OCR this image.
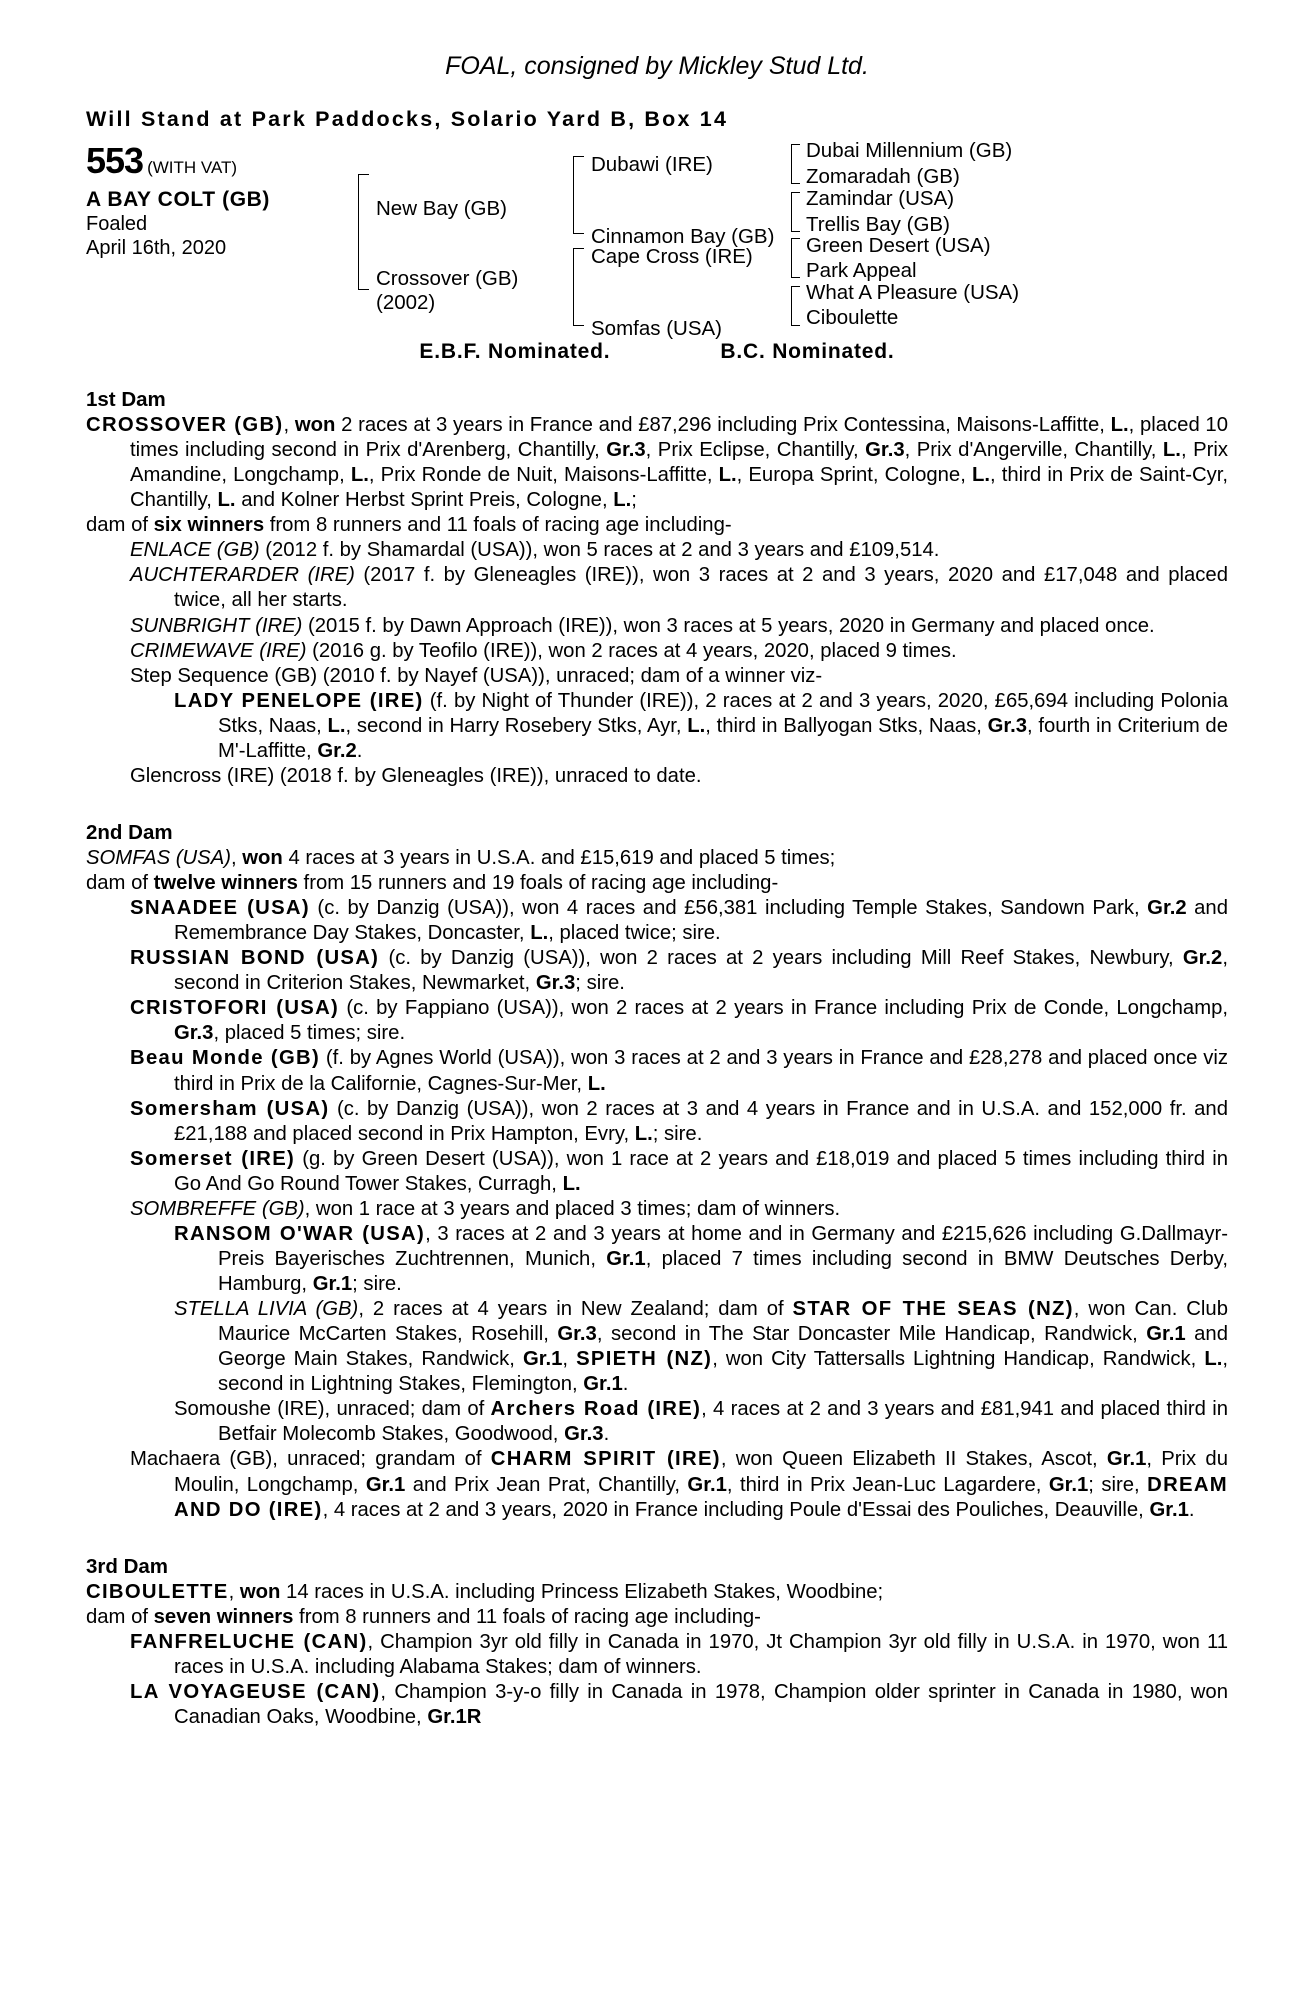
FOAL, consigned by Mickley Stud Ltd.
Will Stand at Park Paddocks, Solario Yard B, Box 14
553 (WITH VAT)
A BAY COLT (GB)
Foaled
April 16th, 2020
New Bay (GB)
Crossover (GB)
(2002)
Dubawi (IRE)
Cinnamon Bay (GB)
Cape Cross (IRE)
Somfas (USA)
Dubai Millennium (GB)
Zomaradah (GB)
Zamindar (USA)
Trellis Bay (GB)
Green Desert (USA)
Park Appeal
What A Pleasure (USA)
Ciboulette
E.B.F. Nominated.	B.C. Nominated.
1st Dam

CROSSOVER (GB), won 2 races at 3 years in France and £87,296 including Prix Contessina, Maisons-Laffitte, L., placed 10 times including second in Prix d'Arenberg, Chantilly, Gr.3, Prix Eclipse, Chantilly, Gr.3, Prix d'Angerville, Chantilly, L., Prix Amandine, Longchamp, L., Prix Ronde de Nuit, Maisons-Laffitte, L., Europa Sprint, Cologne, L., third in Prix de Saint-Cyr, Chantilly, L. and Kolner Herbst Sprint Preis, Cologne, L.;

dam of six winners from 8 runners and 11 foals of racing age including-

ENLACE (GB) (2012 f. by Shamardal (USA)), won 5 races at 2 and 3 years and £109,514.

AUCHTERARDER (IRE) (2017 f. by Gleneagles (IRE)), won 3 races at 2 and 3 years, 2020 and £17,048 and placed twice, all her starts.

SUNBRIGHT (IRE) (2015 f. by Dawn Approach (IRE)), won 3 races at 5 years, 2020 in Germany and placed once.

CRIMEWAVE (IRE) (2016 g. by Teofilo (IRE)), won 2 races at 4 years, 2020, placed 9 times.

Step Sequence (GB) (2010 f. by Nayef (USA)), unraced; dam of a winner viz-

LADY PENELOPE (IRE) (f. by Night of Thunder (IRE)), 2 races at 2 and 3 years, 2020, £65,694 including Polonia Stks, Naas, L., second in Harry Rosebery Stks, Ayr, L., third in Ballyogan Stks, Naas, Gr.3, fourth in Criterium de M'-Laffitte, Gr.2.

Glencross (IRE) (2018 f. by Gleneagles (IRE)), unraced to date.

2nd Dam

SOMFAS (USA), won 4 races at 3 years in U.S.A. and £15,619 and placed 5 times;

dam of twelve winners from 15 runners and 19 foals of racing age including-

SNAADEE (USA) (c. by Danzig (USA)), won 4 races and £56,381 including Temple Stakes, Sandown Park, Gr.2 and Remembrance Day Stakes, Doncaster, L., placed twice; sire.

RUSSIAN BOND (USA) (c. by Danzig (USA)), won 2 races at 2 years including Mill Reef Stakes, Newbury, Gr.2, second in Criterion Stakes, Newmarket, Gr.3; sire.

CRISTOFORI (USA) (c. by Fappiano (USA)), won 2 races at 2 years in France including Prix de Conde, Longchamp, Gr.3, placed 5 times; sire.

Beau Monde (GB) (f. by Agnes World (USA)), won 3 races at 2 and 3 years in France and £28,278 and placed once viz third in Prix de la Californie, Cagnes-Sur-Mer, L.

Somersham (USA) (c. by Danzig (USA)), won 2 races at 3 and 4 years in France and in U.S.A. and 152,000 fr. and £21,188 and placed second in Prix Hampton, Evry, L.; sire.

Somerset (IRE) (g. by Green Desert (USA)), won 1 race at 2 years and £18,019 and placed 5 times including third in Go And Go Round Tower Stakes, Curragh, L.

SOMBREFFE (GB), won 1 race at 3 years and placed 3 times; dam of winners.

RANSOM O'WAR (USA), 3 races at 2 and 3 years at home and in Germany and £215,626 including G.Dallmayr-Preis Bayerisches Zuchtrennen, Munich, Gr.1, placed 7 times including second in BMW Deutsches Derby, Hamburg, Gr.1; sire.

STELLA LIVIA (GB), 2 races at 4 years in New Zealand; dam of STAR OF THE SEAS (NZ), won Can. Club Maurice McCarten Stakes, Rosehill, Gr.3, second in The Star Doncaster Mile Handicap, Randwick, Gr.1 and George Main Stakes, Randwick, Gr.1, SPIETH (NZ), won City Tattersalls Lightning Handicap, Randwick, L., second in Lightning Stakes, Flemington, Gr.1.

Somoushe (IRE), unraced; dam of Archers Road (IRE), 4 races at 2 and 3 years and £81,941 and placed third in Betfair Molecomb Stakes, Goodwood, Gr.3.

Machaera (GB), unraced; grandam of CHARM SPIRIT (IRE), won Queen Elizabeth II Stakes, Ascot, Gr.1, Prix du Moulin, Longchamp, Gr.1 and Prix Jean Prat, Chantilly, Gr.1, third in Prix Jean-Luc Lagardere, Gr.1; sire, DREAM AND DO (IRE), 4 races at 2 and 3 years, 2020 in France including Poule d'Essai des Pouliches, Deauville, Gr.1.

3rd Dam

CIBOULETTE, won 14 races in U.S.A. including Princess Elizabeth Stakes, Woodbine;

dam of seven winners from 8 runners and 11 foals of racing age including-

FANFRELUCHE (CAN), Champion 3yr old filly in Canada in 1970, Jt Champion 3yr old filly in U.S.A. in 1970, won 11 races in U.S.A. including Alabama Stakes; dam of winners.

LA VOYAGEUSE (CAN), Champion 3-y-o filly in Canada in 1978, Champion older sprinter in Canada in 1980, won Canadian Oaks, Woodbine, Gr.1R
